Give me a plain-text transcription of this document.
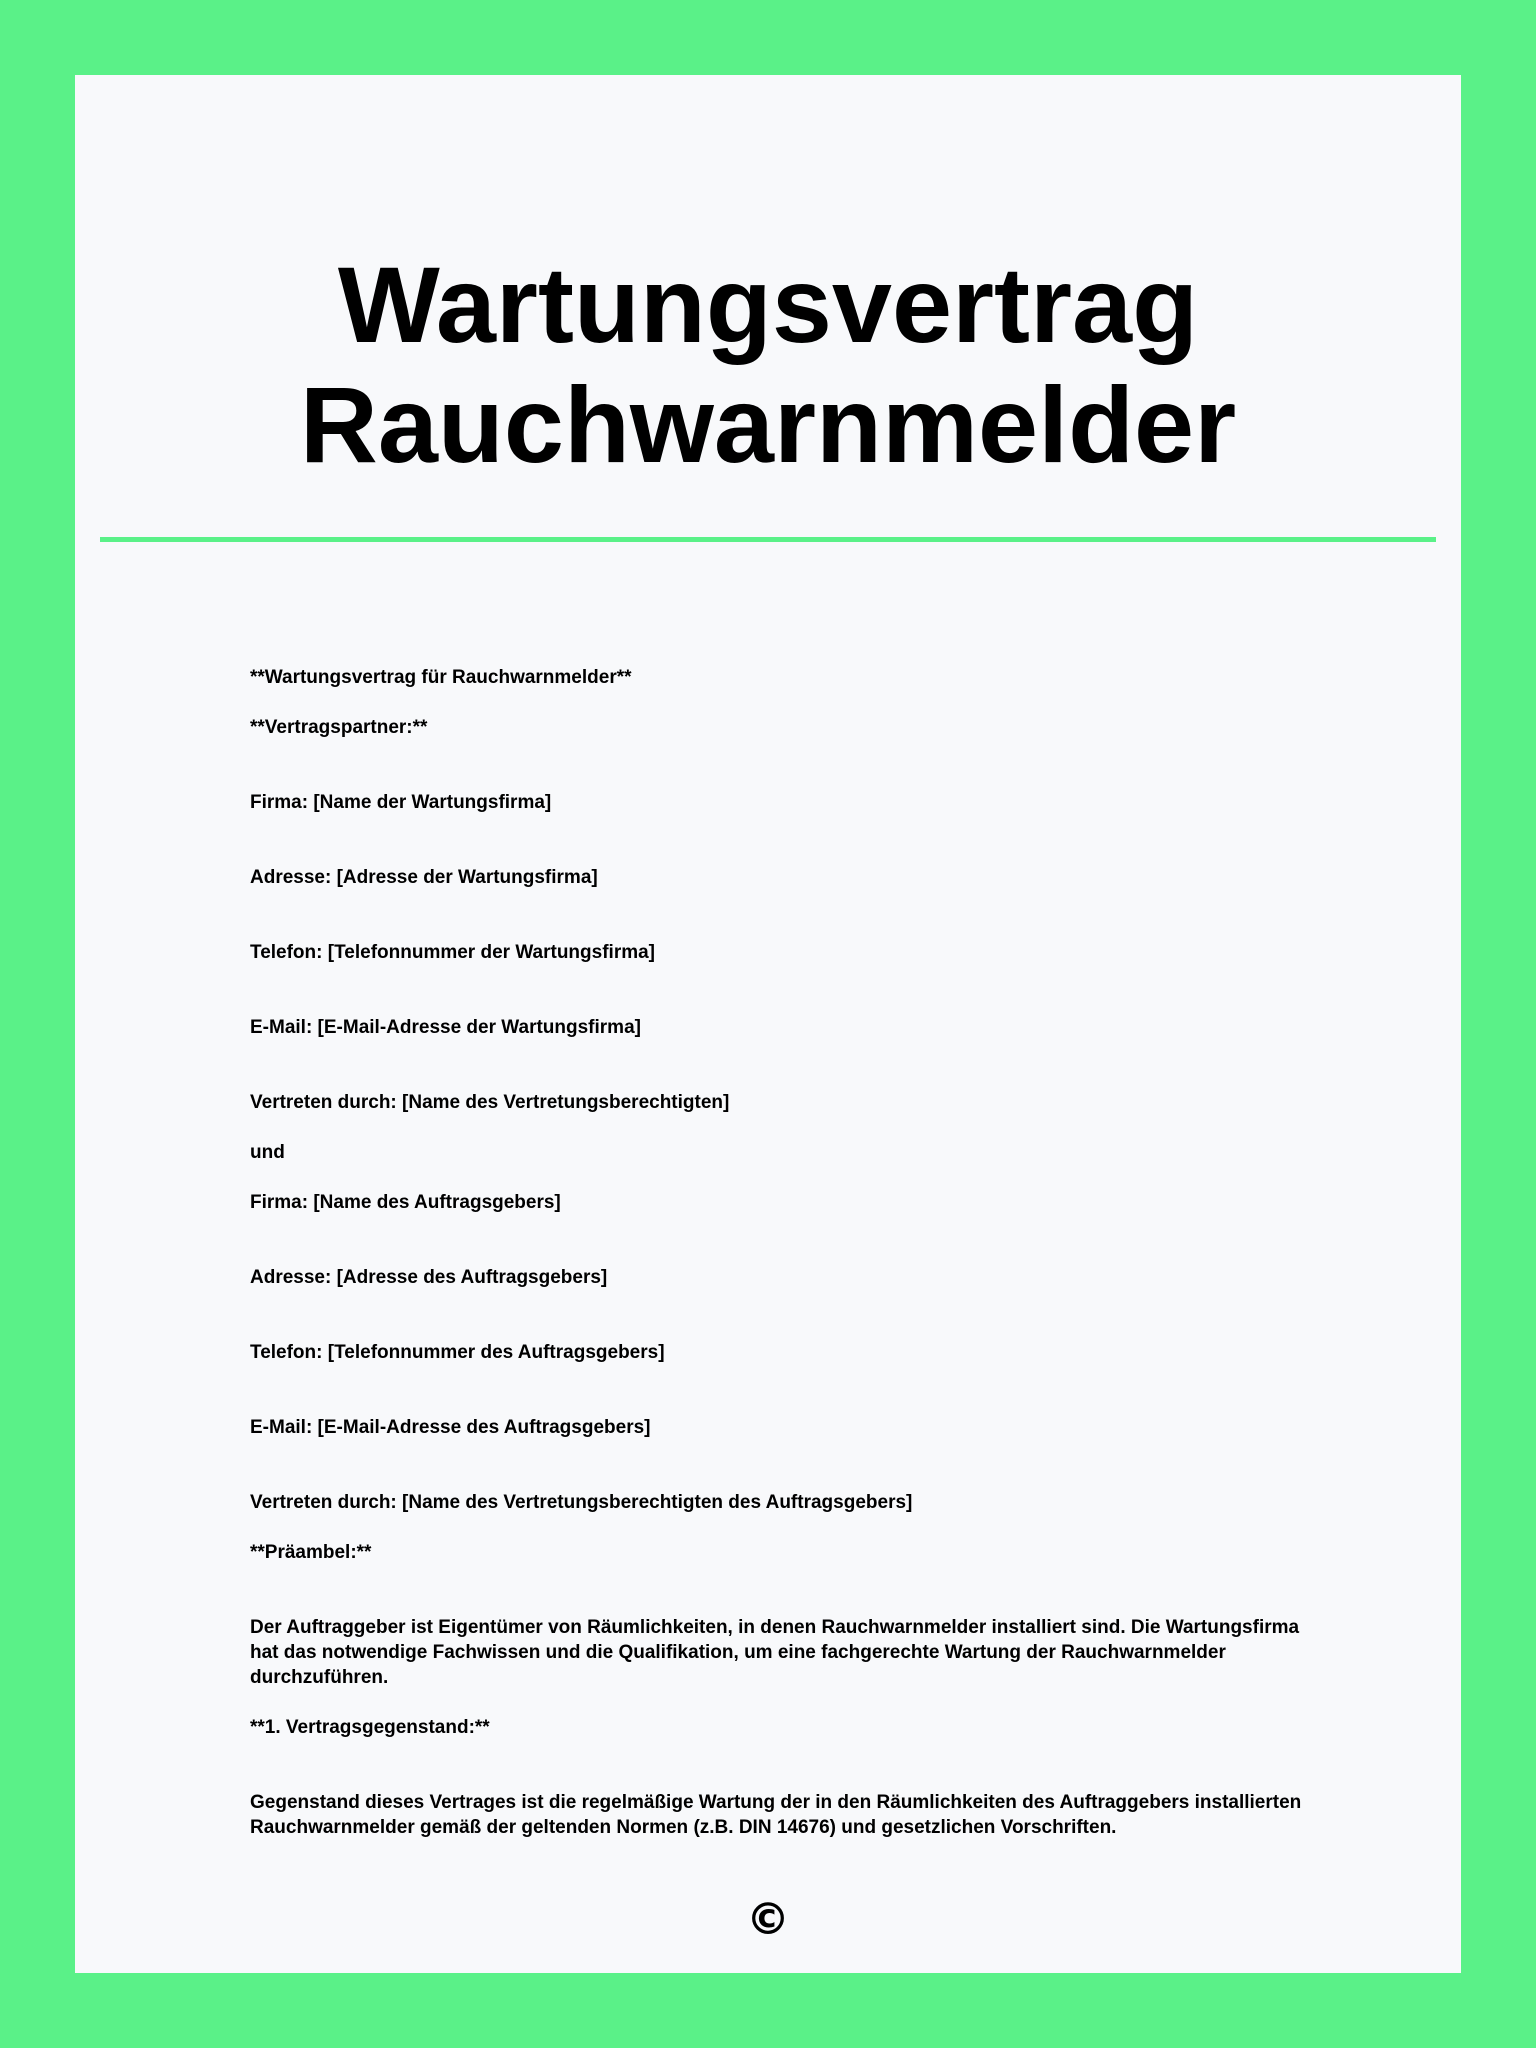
Wartungsvertrag
Rauchwarnmelder

**Wartungsvertrag für Rauchwarnmelder**

**Vertragspartner:**

Firma: [Name der Wartungsfirma]

Adresse: [Adresse der Wartungsfirma]

Telefon: [Telefonnummer der Wartungsfirma]

E-Mail: [E-Mail-Adresse der Wartungsfirma]

Vertreten durch: [Name des Vertretungsberechtigten]

und

Firma: [Name des Auftragsgebers]

Adresse: [Adresse des Auftragsgebers]

Telefon: [Telefonnummer des Auftragsgebers]

E-Mail: [E-Mail-Adresse des Auftragsgebers]

Vertreten durch: [Name des Vertretungsberechtigten des Auftragsgebers]

**Präambel:**

Der Auftraggeber ist Eigentümer von Räumlichkeiten, in denen Rauchwarnmelder installiert sind. Die Wartungsfirma hat das notwendige Fachwissen und die Qualifikation, um eine fachgerechte Wartung der Rauchwarnmelder durchzuführen.

**1. Vertragsgegenstand:**

Gegenstand dieses Vertrages ist die regelmäßige Wartung der in den Räumlichkeiten des Auftraggebers installierten Rauchwarnmelder gemäß der geltenden Normen (z.B. DIN 14676) und gesetzlichen Vorschriften.

©
